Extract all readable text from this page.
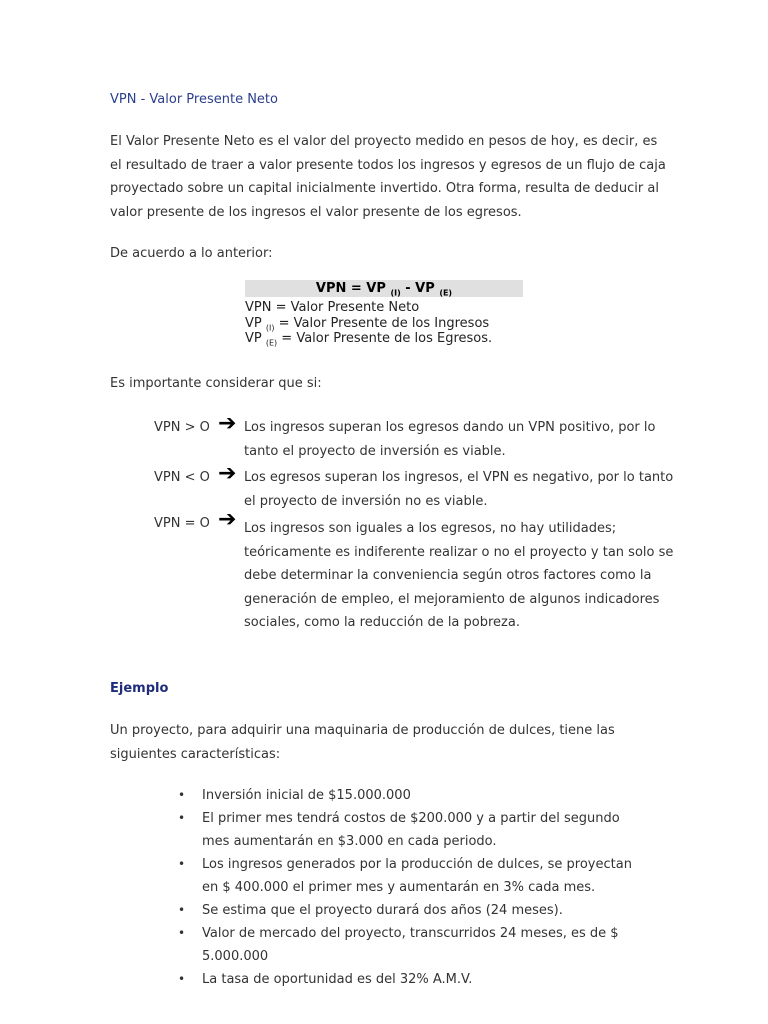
VPN - Valor Presente Neto
El Valor Presente Neto es el valor del proyecto medido en pesos de hoy, es decir, es el resultado de traer a valor presente todos los ingresos y egresos de un flujo de caja proyectado sobre un capital inicialmente invertido. Otra forma, resulta de deducir al valor presente de los ingresos el valor presente de los egresos.
De acuerdo a lo anterior:
VPN = VP $_{(I)}$ - VP $_{(E)}$
VPN = Valor Presente Neto
VP $_{(I)}$ = Valor Presente de los Ingresos
VP $_{(E)}$ = Valor Presente de los Egresos.
Es importante considerar que si:
VPN > O ➔ Los ingresos superan los egresos dando un VPN positivo, por lo tanto el proyecto de inversión es viable.
VPN < O ➔ Los egresos superan los ingresos, el VPN es negativo, por lo tanto el proyecto de inversión no es viable.
VPN = O ➔ Los ingresos son iguales a los egresos, no hay utilidades; teóricamente es indiferente realizar o no el proyecto y tan solo se debe determinar la conveniencia según otros factores como la generación de empleo, el mejoramiento de algunos indicadores sociales, como la reducción de la pobreza.
Ejemplo
Un proyecto, para adquirir una maquinaria de producción de dulces, tiene las siguientes características:
• Inversión inicial de $15.000.000
• El primer mes tendrá costos de $200.000 y a partir del segundo mes aumentarán en $3.000 en cada periodo.
• Los ingresos generados por la producción de dulces, se proyectan en $ 400.000 el primer mes y aumentarán en 3% cada mes.
• Se estima que el proyecto durará dos años (24 meses).
• Valor de mercado del proyecto, transcurridos 24 meses, es de $ 5.000.000
• La tasa de oportunidad es del 32% A.M.V.
